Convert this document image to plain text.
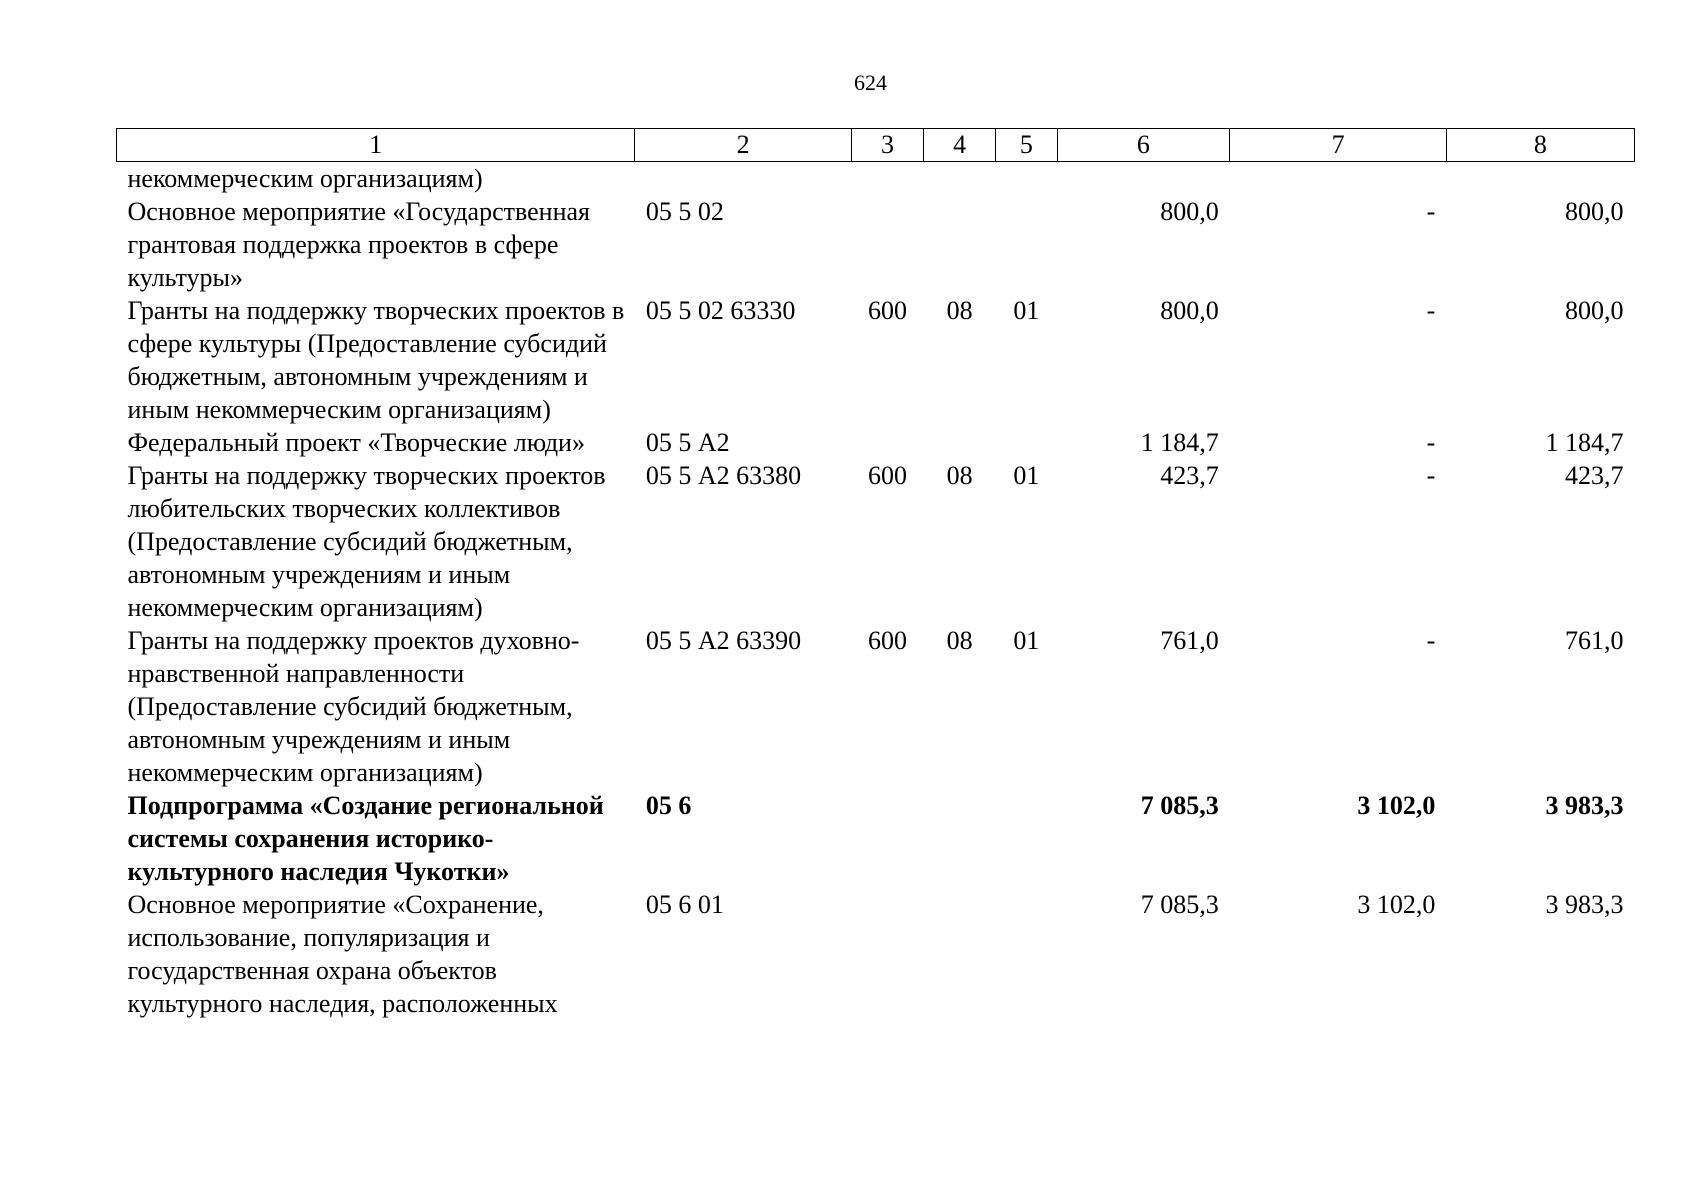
624
1	2	3	4	5	6	7	8
некоммерческим организациям)							
Основное мероприятие «Государственная грантовая поддержка проектов в сфере культуры»	05 5 02				800,0	-	800,0
Гранты на поддержку творческих проектов в сфере культуры (Предоставление субсидий бюджетным, автономным учреждениям и иным некоммерческим организациям)	05 5 02 63330	600	08	01	800,0	-	800,0
Федеральный проект «Творческие люди»	05 5 А2				1 184,7	-	1 184,7
Гранты на поддержку творческих проектов любительских творческих коллективов (Предоставление субсидий бюджетным, автономным учреждениям и иным некоммерческим организациям)	05 5 А2 63380	600	08	01	423,7	-	423,7
Гранты на поддержку проектов духовно-нравственной направленности (Предоставление субсидий бюджетным, автономным учреждениям и иным некоммерческим организациям)	05 5 А2 63390	600	08	01	761,0	-	761,0
Подпрограмма «Создание региональной системы сохранения историко-культурного наследия Чукотки»	05 6				7 085,3	3 102,0	3 983,3
Основное мероприятие «Сохранение, использование, популяризация и государственная охрана объектов культурного наследия, расположенных	05 6 01				7 085,3	3 102,0	3 983,3
